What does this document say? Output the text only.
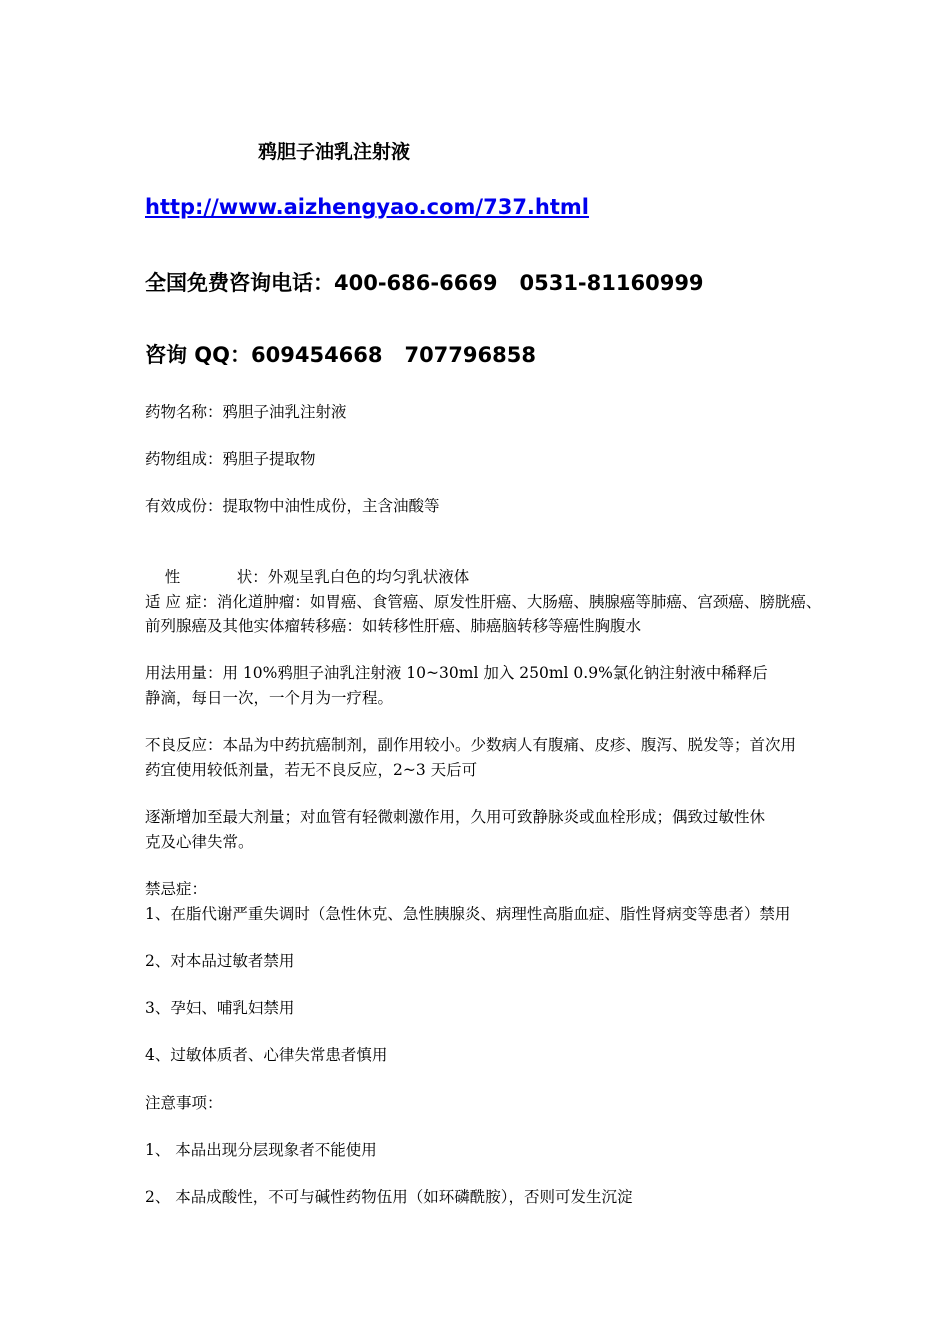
鸦胆子油乳注射液
http://www.aizhengyao.com/737.html
全国免费咨询电话：400-686-6669   0531-81160999
咨询 QQ：609454668   707796858
药物名称：鸦胆子油乳注射液
药物组成：鸦胆子提取物
有效成份：提取物中油性成份，主含油酸等

性	状：外观呈乳白色的均匀乳状液体

适 应 症：消化道肿瘤：如胃癌、食管癌、原发性肝癌、大肠癌、胰腺癌等肺癌、宫颈癌、膀胱癌、
前列腺癌及其他实体瘤转移癌：如转移性肝癌、肺癌脑转移等癌性胸腹水
用法用量：用 10%鸦胆子油乳注射液 10~30ml 加入 250ml 0.9%氯化钠注射液中稀释后
静滴，每日一次，一个月为一疗程。
不良反应：本品为中药抗癌制剂，副作用较小。少数病人有腹痛、皮疹、腹泻、脱发等；首次用
药宜使用较低剂量，若无不良反应，2~3 天后可
逐渐增加至最大剂量；对血管有轻微刺激作用，久用可致静脉炎或血栓形成；偶致过敏性休
克及心律失常。
禁忌症：
1、在脂代谢严重失调时（急性休克、急性胰腺炎、病理性高脂血症、脂性肾病变等患者）禁用
2、对本品过敏者禁用
3、孕妇、哺乳妇禁用
4、过敏体质者、心律失常患者慎用
注意事项：
1、 本品出现分层现象者不能使用
2、 本品成酸性，不可与碱性药物伍用（如环磷酰胺），否则可发生沉淀
